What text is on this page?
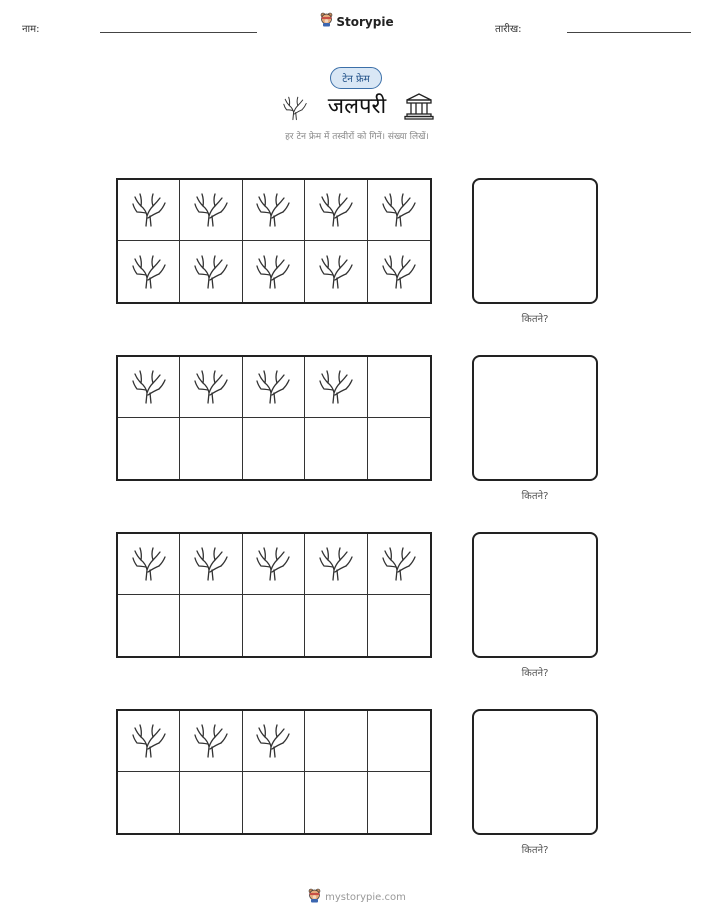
नाम:
Storypie
तारीख:
टेन फ्रेम
जलपरी
हर टेन फ्रेम में तस्वीरों को गिनें। संख्या लिखें।
कितने?
कितने?
कितने?
कितने?
mystorypie.com
